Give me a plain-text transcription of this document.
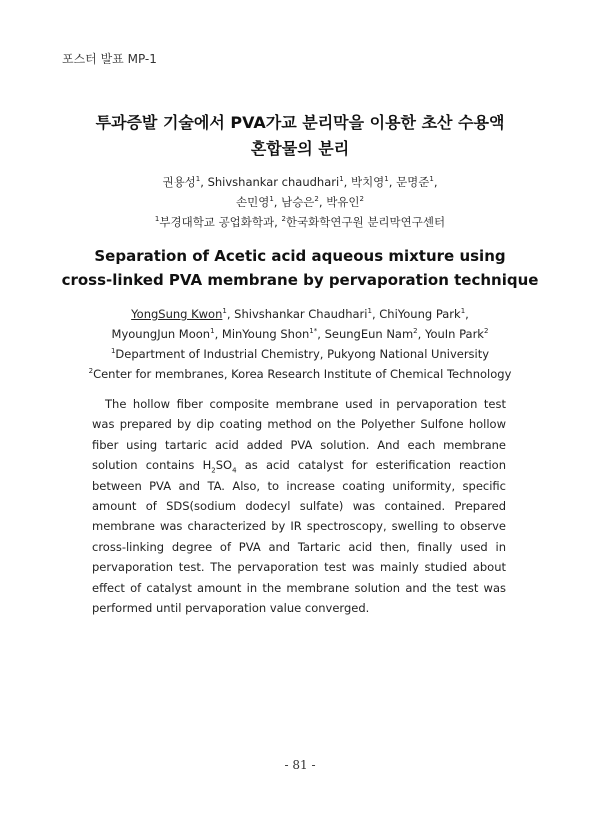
포스터 발표 MP-1
투과증발 기술에서 PVA가교 분리막을 이용한 초산 수용액
혼합물의 분리
권용성$^1$, Shivshankar chaudhari$^1$, 박치영$^1$, 문명준$^1$,
손민영$^1$, 남승은$^2$, 박유인$^2$
$^1$부경대학교 공업화학과, $^2$한국화학연구원 분리막연구센터
Separation of Acetic acid aqueous mixture using
cross-linked PVA membrane by pervaporation technique
YongSung Kwon$^1$, Shivshankar Chaudhari$^1$, ChiYoung Park$^1$,
MyoungJun Moon$^1$, MinYoung Shon$^{1*}$, SeungEun Nam$^2$, YouIn Park$^2$
$^1$Department of Industrial Chemistry, Pukyong National University
$^2$Center for membranes, Korea Research Institute of Chemical Technology

The hollow fiber composite membrane used in pervaporation test was prepared by dip coating method on the Polyether Sulfone hollow fiber using tartaric acid added PVA solution. And each membrane solution contains $H_2SO_4$ as acid catalyst for esterification reaction between PVA and TA. Also, to increase coating uniformity, specific amount of SDS(sodium dodecyl sulfate) was contained. Prepared membrane was characterized by IR spectroscopy, swelling to observe cross-linking degree of PVA and Tartaric acid then, finally used in pervaporation test. The pervaporation test was mainly studied about effect of catalyst amount in the membrane solution and the test was performed until pervaporation value converged.

- 81 -
